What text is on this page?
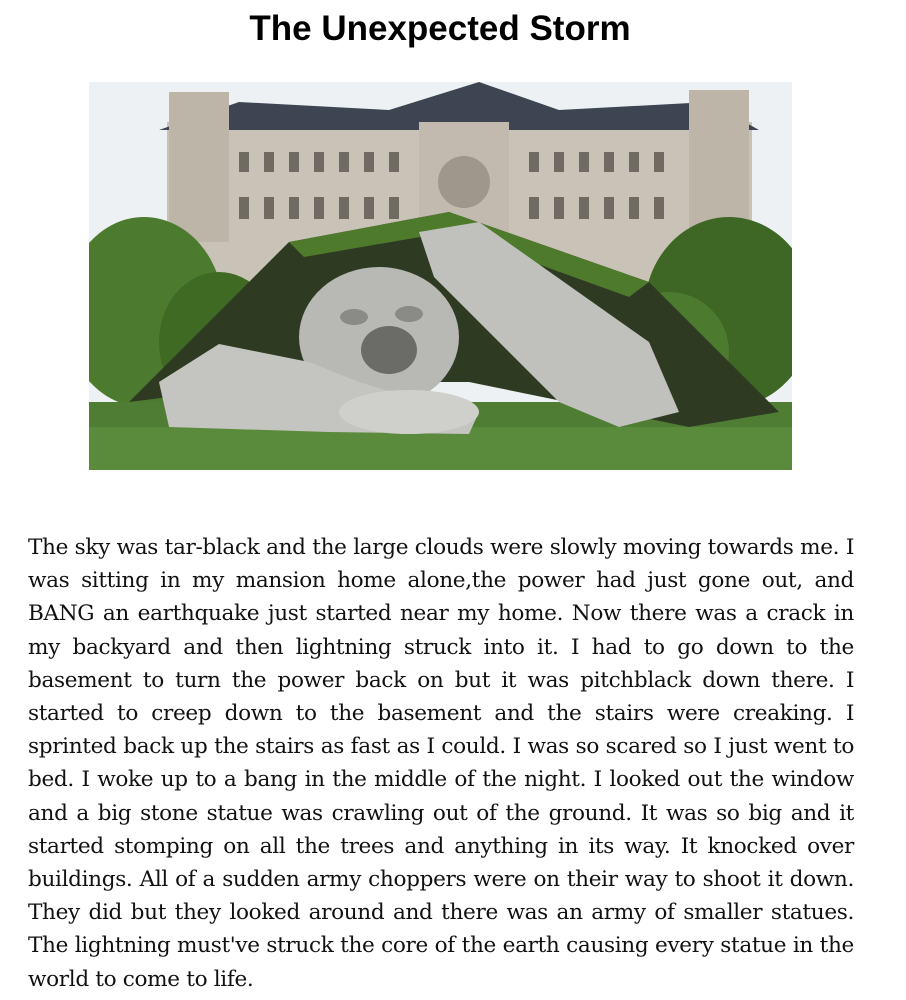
The Unexpected Storm

The sky was tar-black and the large clouds were slowly moving towards me. I was sitting in my mansion home alone,the power had just gone out, and BANG an earthquake just started near my home. Now there was a crack in my backyard and then lightning struck into it. I had to go down to the basement to turn the power back on but it was pitchblack down there. I started to creep down to the basement and the stairs were creaking. I sprinted back up the stairs as fast as I could. I was so scared so I just went to bed. I woke up to a bang in the middle of the night. I looked out the window and a big stone statue was crawling out of the ground. It was so big and it started stomping on all the trees and anything in its way. It knocked over buildings. All of a sudden army choppers were on their way to shoot it down. They did but they looked around and there was an army of smaller statues. The lightning must've struck the core of the earth causing every statue in the world to come to life.
